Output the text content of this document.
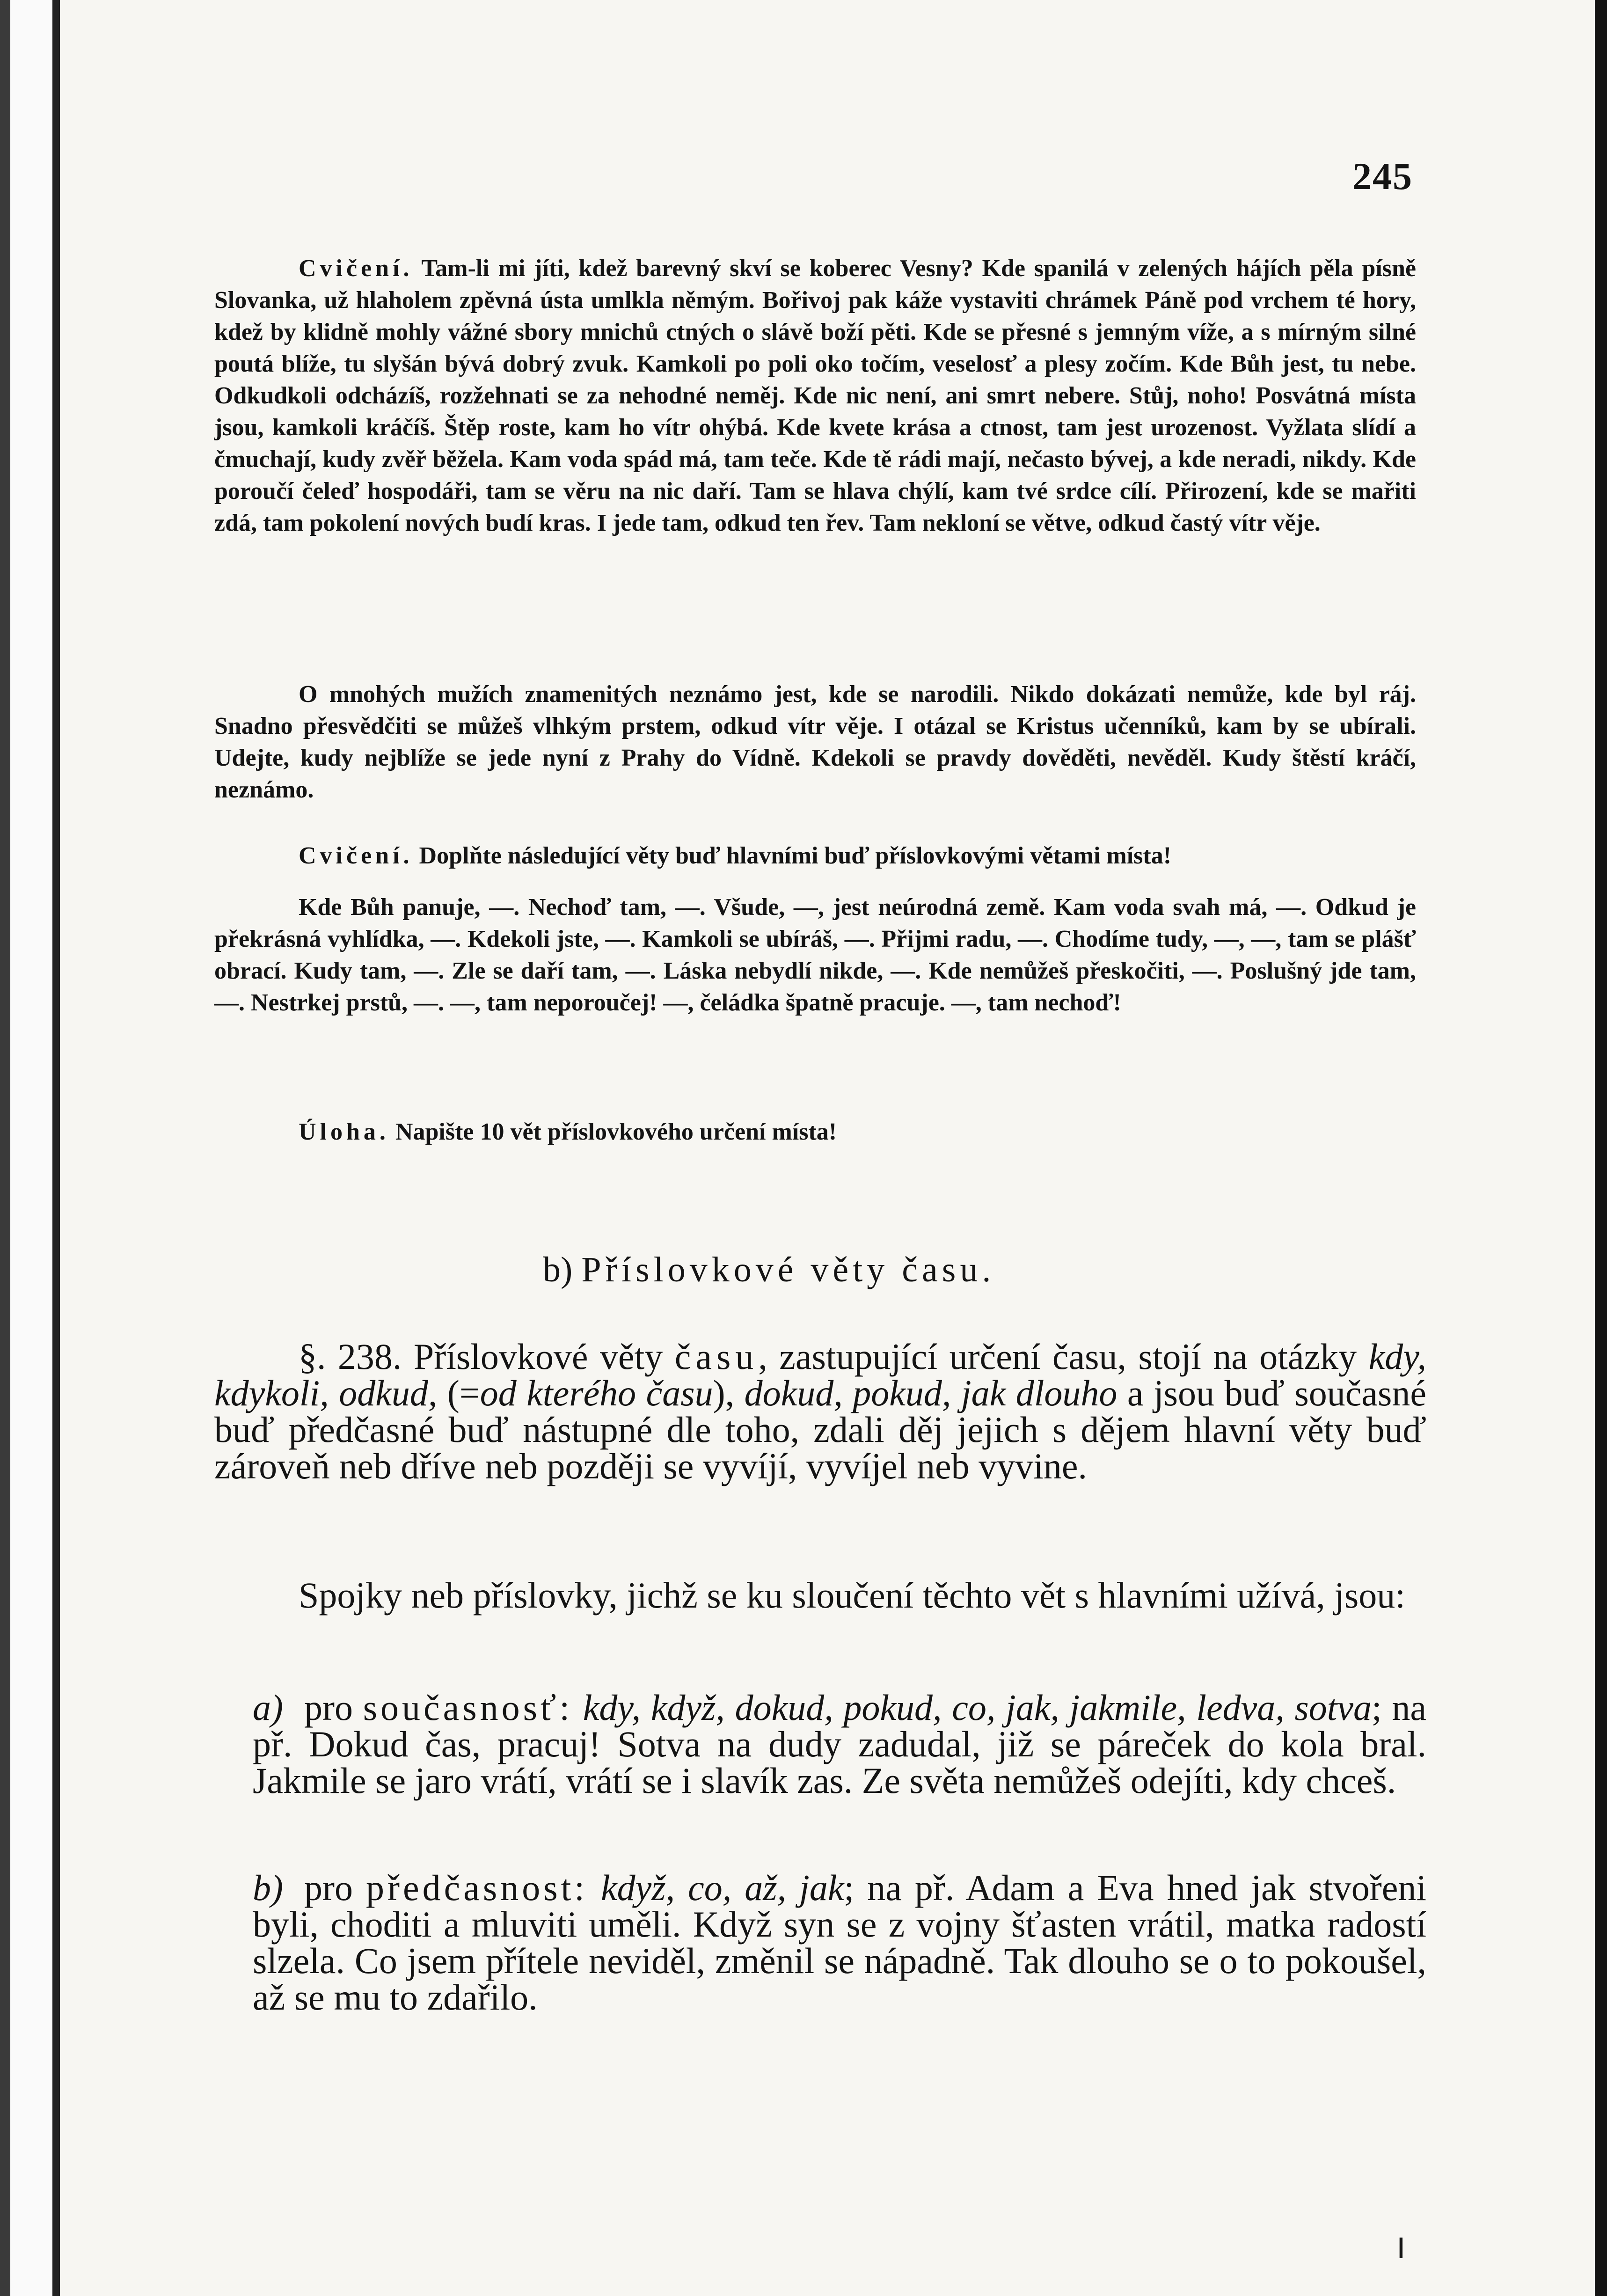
245

Cvičení. Tam-li mi jíti, kdež barevný skví se koberec Vesny? Kde spanilá v zelených hájích pěla písně Slovanka, už hlaholem zpěvná ústa umlkla němým. Bořivoj pak káže vystaviti chrámek Páně pod vrchem té hory, kdež by klidně mohly vážné sbory mnichů ctných o slávě boží pěti. Kde se přesné s jemným víže, a s mírným silné poutá blíže, tu slyšán bývá dobrý zvuk. Kamkoli po poli oko točím, veselosť a plesy zočím. Kde Bůh jest, tu nebe. Odkudkoli odcházíš, rozžehnati se za nehodné neměj. Kde nic není, ani smrt nebere. Stůj, noho! Posvátná místa jsou, kamkoli kráčíš. Štěp roste, kam ho vítr ohýbá. Kde kvete krása a ctnost, tam jest urozenost. Vyžlata slídí a čmuchají, kudy zvěř běžela. Kam voda spád má, tam teče. Kde tě rádi mají, nečasto bývej, a kde neradi, nikdy. Kde poroučí čeleď hospodáři, tam se věru na nic daří. Tam se hlava chýlí, kam tvé srdce cílí. Přirození, kde se mařiti zdá, tam pokolení nových budí kras. I jede tam, odkud ten řev. Tam nekloní se větve, odkud častý vítr věje.

O mnohých mužích znamenitých neznámo jest, kde se narodili. Nikdo dokázati nemůže, kde byl ráj. Snadno přesvědčiti se můžeš vlhkým prstem, odkud vítr věje. I otázal se Kristus učenníků, kam by se ubírali. Udejte, kudy nejblíže se jede nyní z Prahy do Vídně. Kdekoli se pravdy dověděti, nevěděl. Kudy štěstí kráčí, neznámo.

Cvičení. Doplňte následující věty buď hlavními buď příslovkovými větami místa!

Kde Bůh panuje, —. Nechoď tam, —. Všude, —, jest neúrodná země. Kam voda svah má, —. Odkud je překrásná vyhlídka, —. Kdekoli jste, —. Kamkoli se ubíráš, —. Přijmi radu, —. Chodíme tudy, —, —, tam se plášť obrací. Kudy tam, —. Zle se daří tam, —. Láska nebydlí nikde, —. Kde nemůžeš přeskočiti, —. Poslušný jde tam, —. Nestrkej prstů, —. —, tam neporoučej! —, čeládka špatně pracuje. —, tam nechoď!

Úloha. Napište 10 vět příslovkového určení místa!

b) Příslovkové věty času.

§. 238. Příslovkové věty času, zastupující určení času, stojí na otázky kdy, kdykoli, odkud, (=od kterého času), dokud, pokud, jak dlouho a jsou buď současné buď předčasné buď nástupné dle toho, zdali děj jejich s dějem hlavní věty buď zároveň neb dříve neb později se vyvíjí, vyvíjel neb vyvine.

Spojky neb příslovky, jichž se ku sloučení těchto vět s hlavními užívá, jsou:

a) pro současnosť: kdy, když, dokud, pokud, co, jak, jakmile, ledva, sotva; na př. Dokud čas, pracuj! Sotva na dudy zadudal, již se páreček do kola bral. Jakmile se jaro vrátí, vrátí se i slavík zas. Ze světa nemůžeš odejíti, kdy chceš.

b) pro předčasnost: když, co, až, jak; na př. Adam a Eva hned jak stvořeni byli, choditi a mluviti uměli. Když syn se z vojny šťasten vrátil, matka radostí slzela. Co jsem přítele neviděl, změnil se nápadně. Tak dlouho se o to pokoušel, až se mu to zdařilo.

ǀ
